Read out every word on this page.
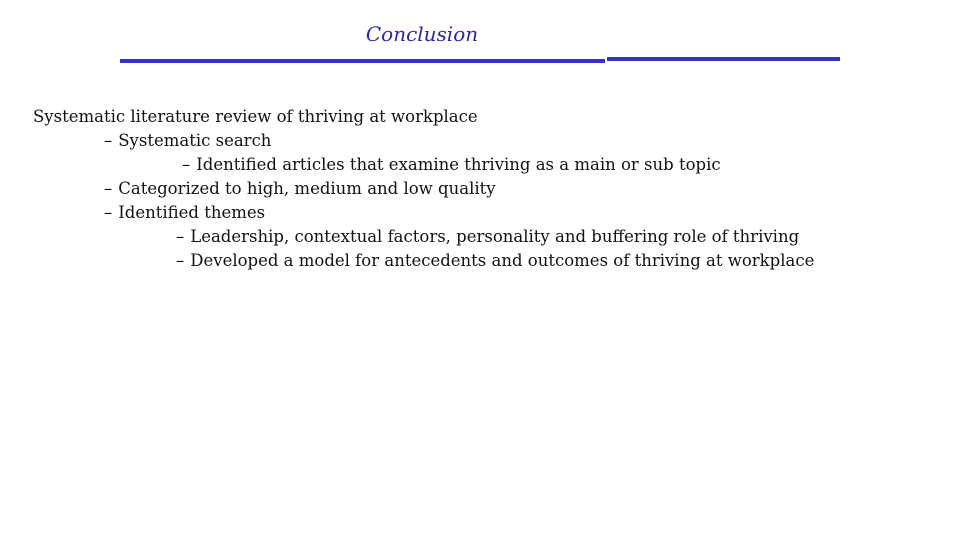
Conclusion
Systematic literature review of thriving at workplace
– Systematic search
– Identified articles that examine thriving as a main or sub topic
– Categorized to high, medium and low quality
– Identified themes
– Leadership, contextual factors, personality and buffering role of thriving
– Developed a model for antecedents and outcomes of thriving at workplace
